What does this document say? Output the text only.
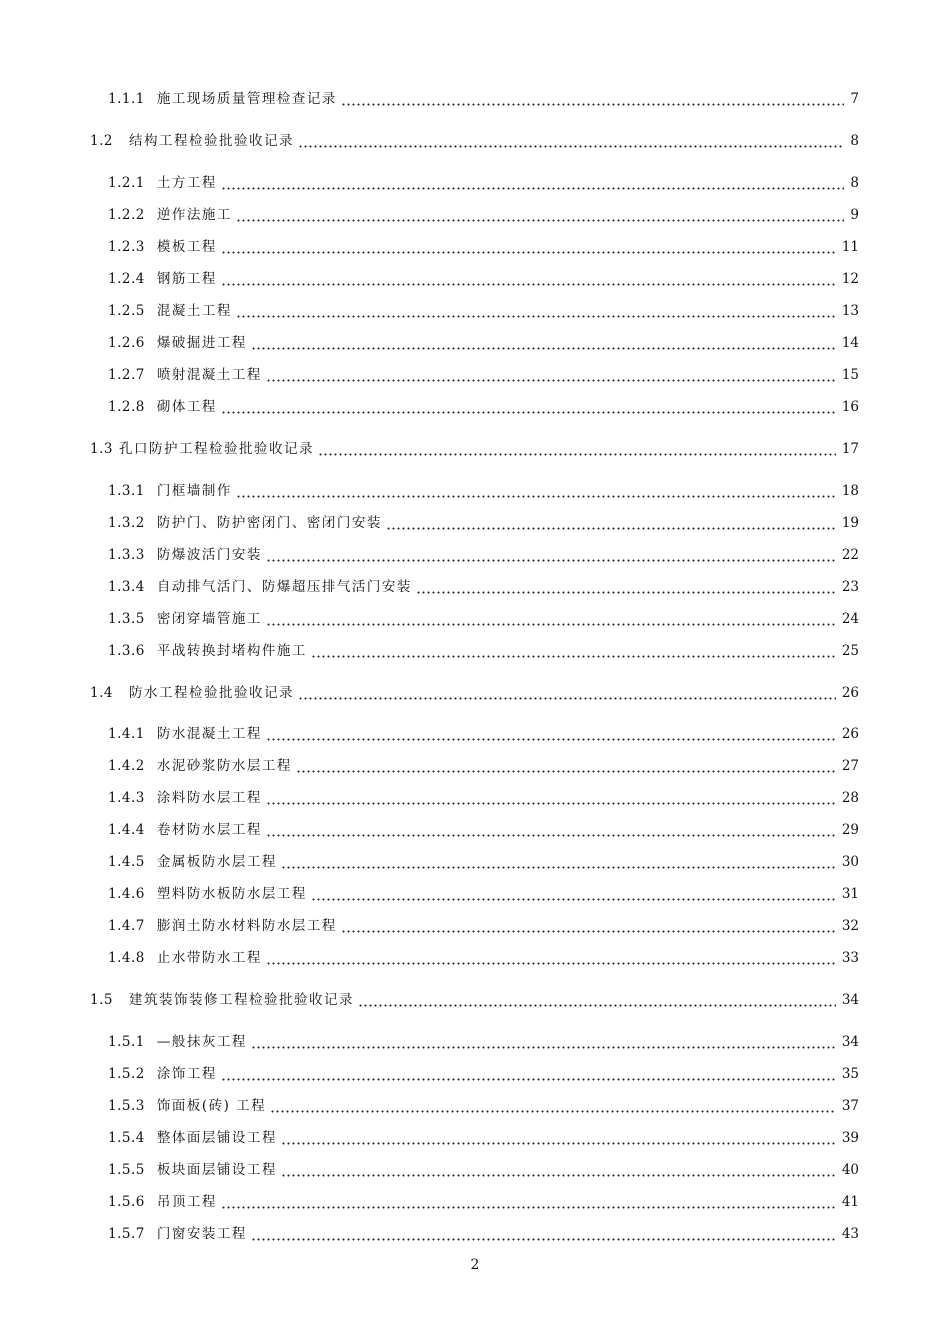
1.1.1 施工现场质量管理检查记录	7
1.2 结构工程检验批验收记录	8
1.2.1 土方工程	8
1.2.2 逆作法施工	9
1.2.3 模板工程	11
1.2.4 钢筋工程	12
1.2.5 混凝土工程	13
1.2.6 爆破掘进工程	14
1.2.7 喷射混凝土工程	15
1.2.8 砌体工程	16
1.3 孔口防护工程检验批验收记录	17
1.3.1 门框墙制作	18
1.3.2 防护门、防护密闭门、密闭门安装	19
1.3.3 防爆波活门安装	22
1.3.4 自动排气活门、防爆超压排气活门安装	23
1.3.5 密闭穿墙管施工	24
1.3.6 平战转换封堵构件施工	25
1.4 防水工程检验批验收记录	26
1.4.1 防水混凝土工程	26
1.4.2 水泥砂浆防水层工程	27
1.4.3 涂料防水层工程	28
1.4.4 卷材防水层工程	29
1.4.5 金属板防水层工程	30
1.4.6 塑料防水板防水层工程	31
1.4.7 膨润土防水材料防水层工程	32
1.4.8 止水带防水工程	33
1.5 建筑装饰装修工程检验批验收记录	34
1.5.1 —般抹灰工程	34
1.5.2 涂饰工程	35
1.5.3 饰面板(砖) 工程	37
1.5.4 整体面层铺设工程	39
1.5.5 板块面层铺设工程	40
1.5.6 吊顶工程	41
1.5.7 门窗安装工程	43
2
